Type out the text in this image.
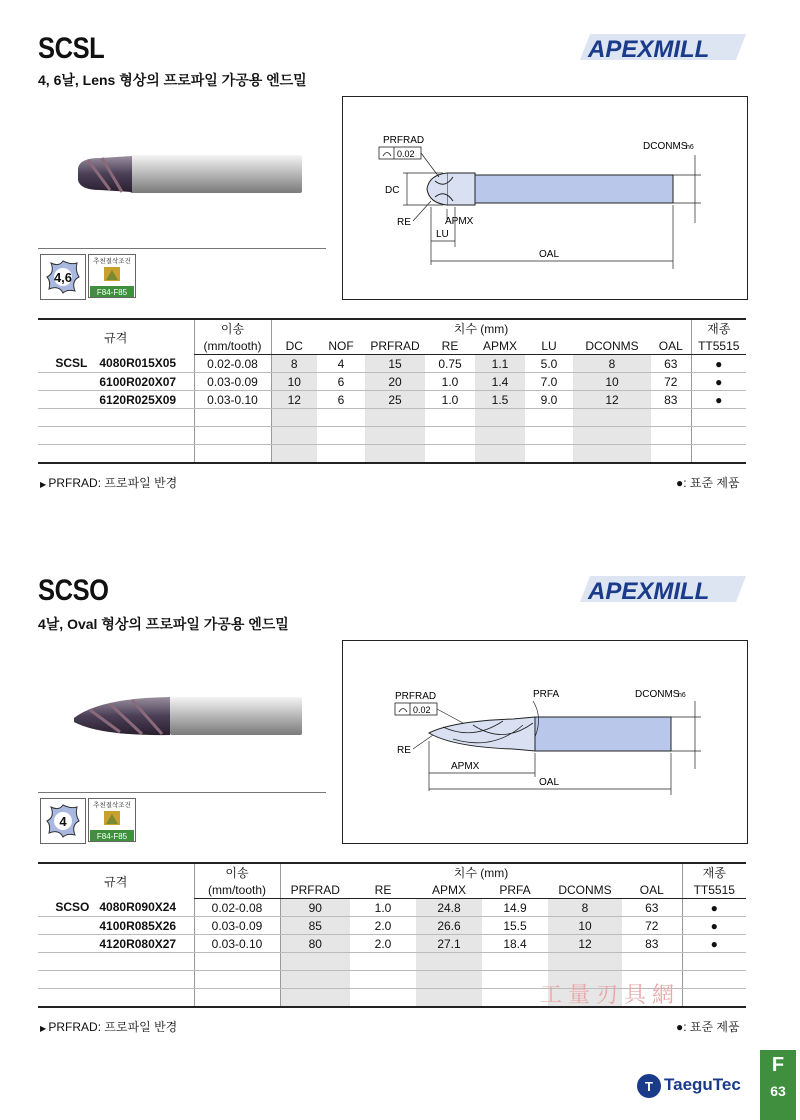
SCSL	APEXMILL
4, 6날, Lens 형상의 프로파일 가공용 엔드밀
4,6
추천절삭조건
F84-F85
DC
PRFRAD
0.02
DCONMS
h6
RE	APMX
LU
OAL
규격	이송	치수 (mm)								재종
	(mm/tooth)	DC	NOF	PRFRAD	RE	APMX	LU	DCONMS	OAL	TT5515
SCSL 4080R015X05	0.02-0.08	8	4	15	0.75	1.1	5.0	8	63	●
6100R020X07	0.03-0.09	10	6	20	1.0	1.4	7.0	10	72	●
6120R025X09	0.03-0.10	12	6	25	1.0	1.5	9.0	12	83	●

▶ PRFRAD: 프로파일 반경	●: 표준 제품
SCSO	APEXMILL
4날, Oval 형상의 프로파일 가공용 엔드밀
4
추천절삭조건
F84-F85
PRFRAD
0.02
PRFA	DCONMS
h6
RE
APMX
OAL
규격	이송	치수 (mm)						재종
	(mm/tooth)	PRFRAD	RE	APMX	PRFA	DCONMS	OAL	TT5515
SCSO 4080R090X24	0.02-0.08	90	1.0	24.8	14.9	8	63	●
4100R085X26	0.03-0.09	85	2.0	26.6	15.5	10	72	●
4120R080X27	0.03-0.10	80	2.0	27.1	18.4	12	83	●

▶ PRFRAD: 프로파일 반경	●: 표준 제품
工量刃具網
T TaeguTec
F
63
